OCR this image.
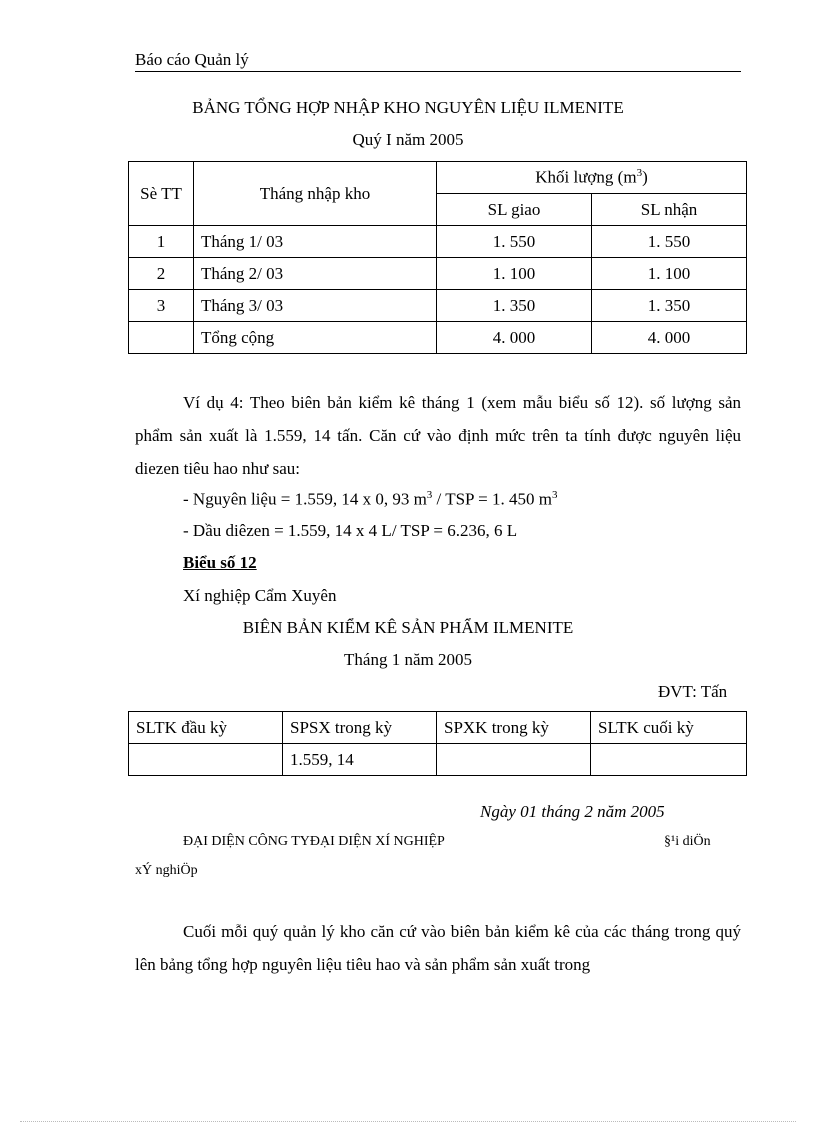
Báo cáo Quản lý
BẢNG TỔNG HỢP NHẬP KHO NGUYÊN LIỆU ILMENITE
Quý I năm 2005
Sè TT	Tháng nhập kho	Khối lượng $(m^3)$	
		SL giao	SL nhận
1	Tháng 1/ 03	1. 550	1. 550
2	Tháng 2/ 03	1. 100	1. 100
3	Tháng 3/ 03	1. 350	1. 350
	Tổng cộng	4. 000	4. 000
Ví dụ 4: Theo biên bản kiểm kê tháng 1 (xem mẫu biểu số 12). số lượng sản phẩm sản xuất là 1.559, 14 tấn. Căn cứ vào định mức trên ta tính được nguyên liệu diezen tiêu hao như sau:
- Nguyên liệu = 1.559, 14 x 0, 93 $m^3$ / TSP = 1. 450 $m^3$
- Dầu diêzen = 1.559, 14 x 4 L/ TSP = 6.236, 6 L
Biểu số 12
Xí nghiệp Cẩm Xuyên
BIÊN BẢN KIỂM KÊ SẢN PHẨM ILMENITE
Tháng 1 năm 2005
ĐVT: Tấn
SLTK đầu kỳ	SPSX trong kỳ	SPXK trong kỳ	SLTK cuối kỳ
	1.559, 14		
Ngày 01 tháng 2 năm 2005
ĐẠI DIỆN CÔNG TYĐẠI DIỆN XÍ NGHIỆP	§¹i diÖn
xÝ nghiÖp
Cuối mỗi quý quản lý kho căn cứ vào biên bản kiểm kê của các tháng trong quý lên bảng tổng hợp nguyên liệu tiêu hao và sản phẩm sản xuất trong
